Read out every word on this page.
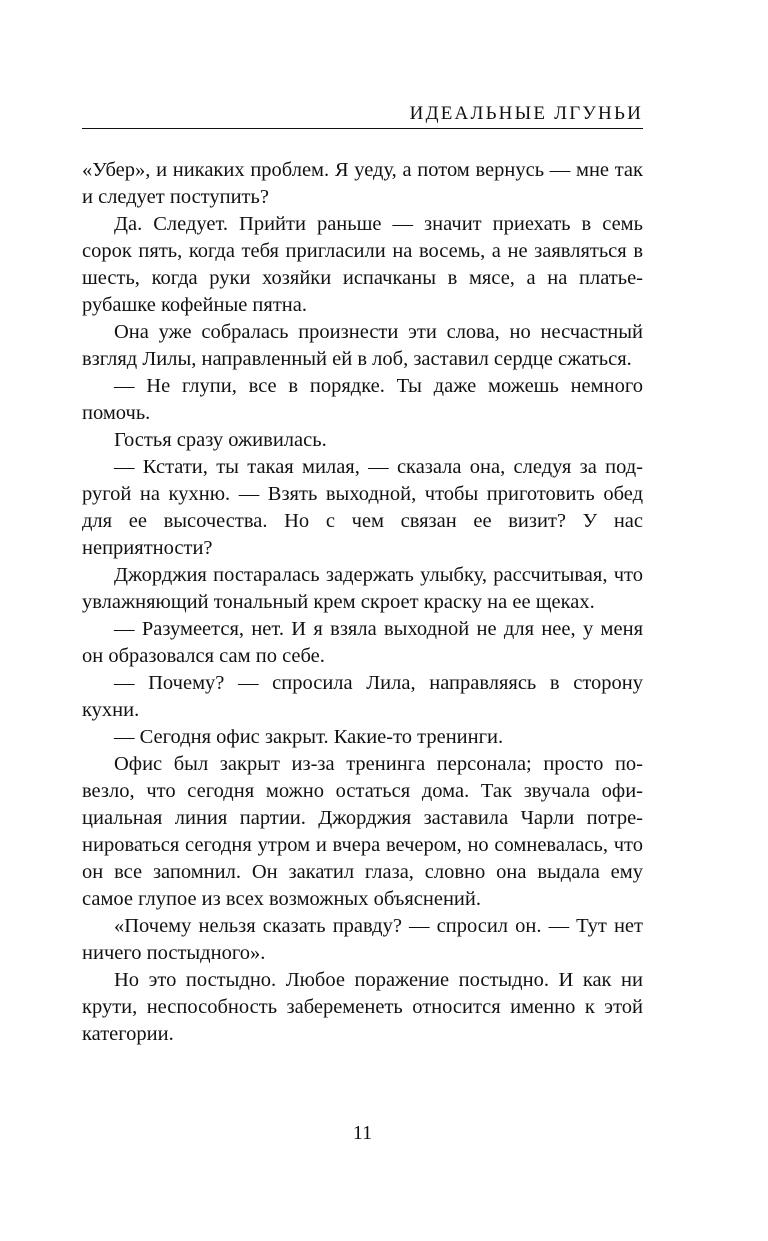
ИДЕАЛЬНЫЕ ЛГУНЬИ

«Убер», и никаких проблем. Я уеду, а потом вернусь — мне так и следует поступить?

Да. Следует. Прийти раньше — значит приехать в семь сорок пять, когда тебя пригласили на восемь, а не заявляться в шесть, когда руки хозяйки испачканы в мясе, а на платье-рубашке кофейные пятна.

Она уже собралась произнести эти слова, но несчастный взгляд Лилы, направленный ей в лоб, заставил сердце сжаться.

— Не глупи, все в порядке. Ты даже можешь немного помочь.

Гостья сразу оживилась.

— Кстати, ты такая милая, — сказала она, следуя за подругой на кухню. — Взять выходной, чтобы приготовить обед для ее высочества. Но с чем связан ее визит? У нас неприятности?

Джорджия постаралась задержать улыбку, рассчитывая, что увлажняющий тональный крем скроет краску на ее щеках.

— Разумеется, нет. И я взяла выходной не для нее, у меня он образовался сам по себе.

— Почему? — спросила Лила, направляясь в сторону кухни.

— Сегодня офис закрыт. Какие-то тренинги.

Офис был закрыт из-за тренинга персонала; просто повезло, что сегодня можно остаться дома. Так звучала официальная линия партии. Джорджия заставила Чарли потренироваться сегодня утром и вчера вечером, но сомневалась, что он все запомнил. Он закатил глаза, словно она выдала ему самое глупое из всех возможных объяснений.

«Почему нельзя сказать правду? — спросил он. — Тут нет ничего постыдного».

Но это постыдно. Любое поражение постыдно. И как ни крути, неспособность забеременеть относится именно к этой категории.

11
